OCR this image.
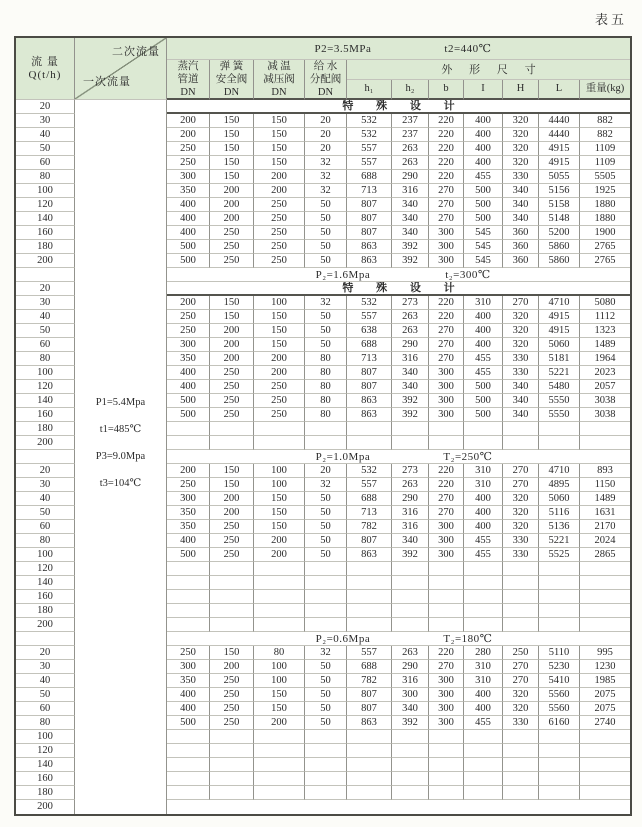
表五
流 量
Q(t/h)
二次流量
一次流量
P2=3.5MPa	t2=440℃
蒸汽
管道
DN
弹 簧
安全阀
DN
减 温
减压阀
DN
给 水
分配阀
DN
外 形 尺 寸
h₁	h₂	b	I	H	L	重量(kg)
P1=5.4Mpa
t1=485℃
P3=9.0Mpa
t3=104℃
20	特 殊 设 计
30	200	150	150	20	532	237	220	400	320	4440	882
40	200	150	150	20	532	237	220	400	320	4440	882
50	250	150	150	20	557	263	220	400	320	4915	1109
60	250	150	150	32	557	263	220	400	320	4915	1109
80	300	150	200	32	688	290	220	455	330	5055	5505
100	350	200	200	32	713	316	270	500	340	5156	1925
120	400	200	250	50	807	340	270	500	340	5158	1880
140	400	200	250	50	807	340	270	500	340	5148	1880
160	400	250	250	50	807	340	300	545	360	5200	1900
180	500	250	250	50	863	392	300	545	360	5860	2765
200	500	250	250	50	863	392	300	545	360	5860	2765
P₂=1.6Mpa	t₂=300℃
20	特 殊 设 计
30	200	150	100	32	532	273	220	310	270	4710	5080
40	250	150	150	50	557	263	220	400	320	4915	1112
50	250	200	150	50	638	263	270	400	320	4915	1323
60	300	200	150	50	688	290	270	400	320	5060	1489
80	350	200	200	80	713	316	270	455	330	5181	1964
100	400	250	200	80	807	340	300	455	330	5221	2023
120	400	250	250	80	807	340	300	500	340	5480	2057
140	500	250	250	80	863	392	300	500	340	5550	3038
160	500	250	250	80	863	392	300	500	340	5550	3038
180
200
P₂=1.0Mpa	T₂=250℃
20	200	150	100	20	532	273	220	310	270	4710	893
30	250	150	100	32	557	263	220	310	270	4895	1150
40	300	200	150	50	688	290	270	400	320	5060	1489
50	350	200	150	50	713	316	270	400	320	5116	1631
60	350	250	150	50	782	316	300	400	320	5136	2170
80	400	250	200	50	807	340	300	455	330	5221	2024
100	500	250	200	50	863	392	300	455	330	5525	2865
120
140
160
180
200
P₂=0.6Mpa	T₂=180℃
20	250	150	80	32	557	263	220	280	250	5110	995
30	300	200	100	50	688	290	270	310	270	5230	1230
40	350	250	100	50	782	316	300	310	270	5410	1985
50	400	250	150	50	807	300	300	400	320	5560	2075
60	400	250	150	50	807	340	300	400	320	5560	2075
80	500	250	200	50	863	392	300	455	330	6160	2740
100
120
140
160
180
200
